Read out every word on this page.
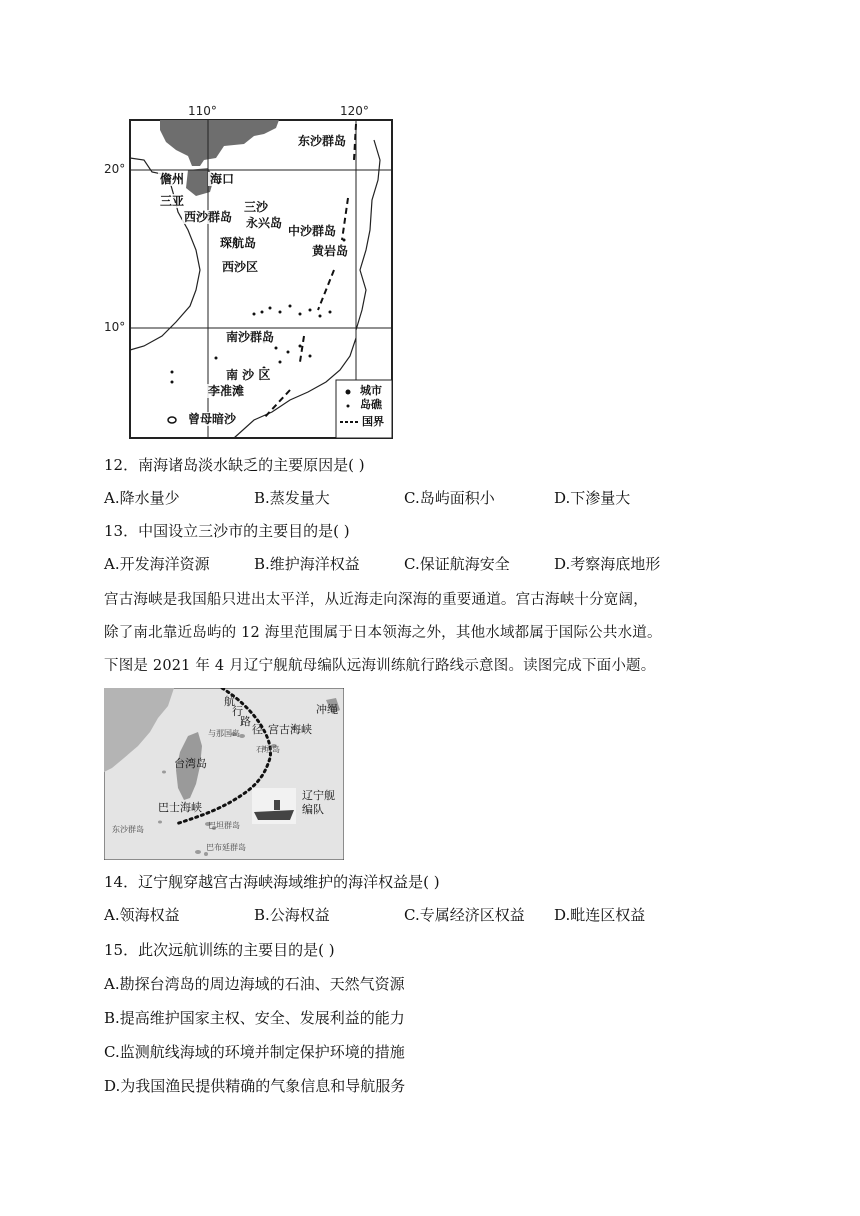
110°	120°
20°
10°
东沙群岛
儋州 海口
三亚	三沙
西沙群岛 永兴岛
中沙群岛
琛航岛
黄岩岛
西沙区
南沙群岛
南 沙 区
李准滩
曾母暗沙
城市
岛礁
国界
12．南海诸岛淡水缺乏的主要原因是( )
A.降水量少	B.蒸发量大	C.岛屿面积小	D.下渗量大
13．中国设立三沙市的主要目的是( )
A.开发海洋资源	B.维护海洋权益	C.保证航海安全	D.考察海底地形
宫古海峡是我国船只进出太平洋，从近海走向深海的重要通道。宫古海峡十分宽阔，
除了南北靠近岛屿的 12 海里范围属于日本领海之外，其他水域都属于国际公共水道。
下图是 2021 年 4 月辽宁舰航母编队远海训练航行路线示意图。读图完成下面小题。
航
行
路
径
冲绳
宫古海峡
与那国岛
石垣岛
台湾岛
巴士海峡
辽宁舰
编队
东沙群岛	巴坦群岛
巴布延群岛
14．辽宁舰穿越宫古海峡海域维护的海洋权益是( )
A.领海权益	B.公海权益	C.专属经济区权益 D.毗连区权益
15．此次远航训练的主要目的是( )
A.勘探台湾岛的周边海域的石油、天然气资源
B.提高维护国家主权、安全、发展利益的能力
C.监测航线海域的环境并制定保护环境的措施
D.为我国渔民提供精确的气象信息和导航服务
